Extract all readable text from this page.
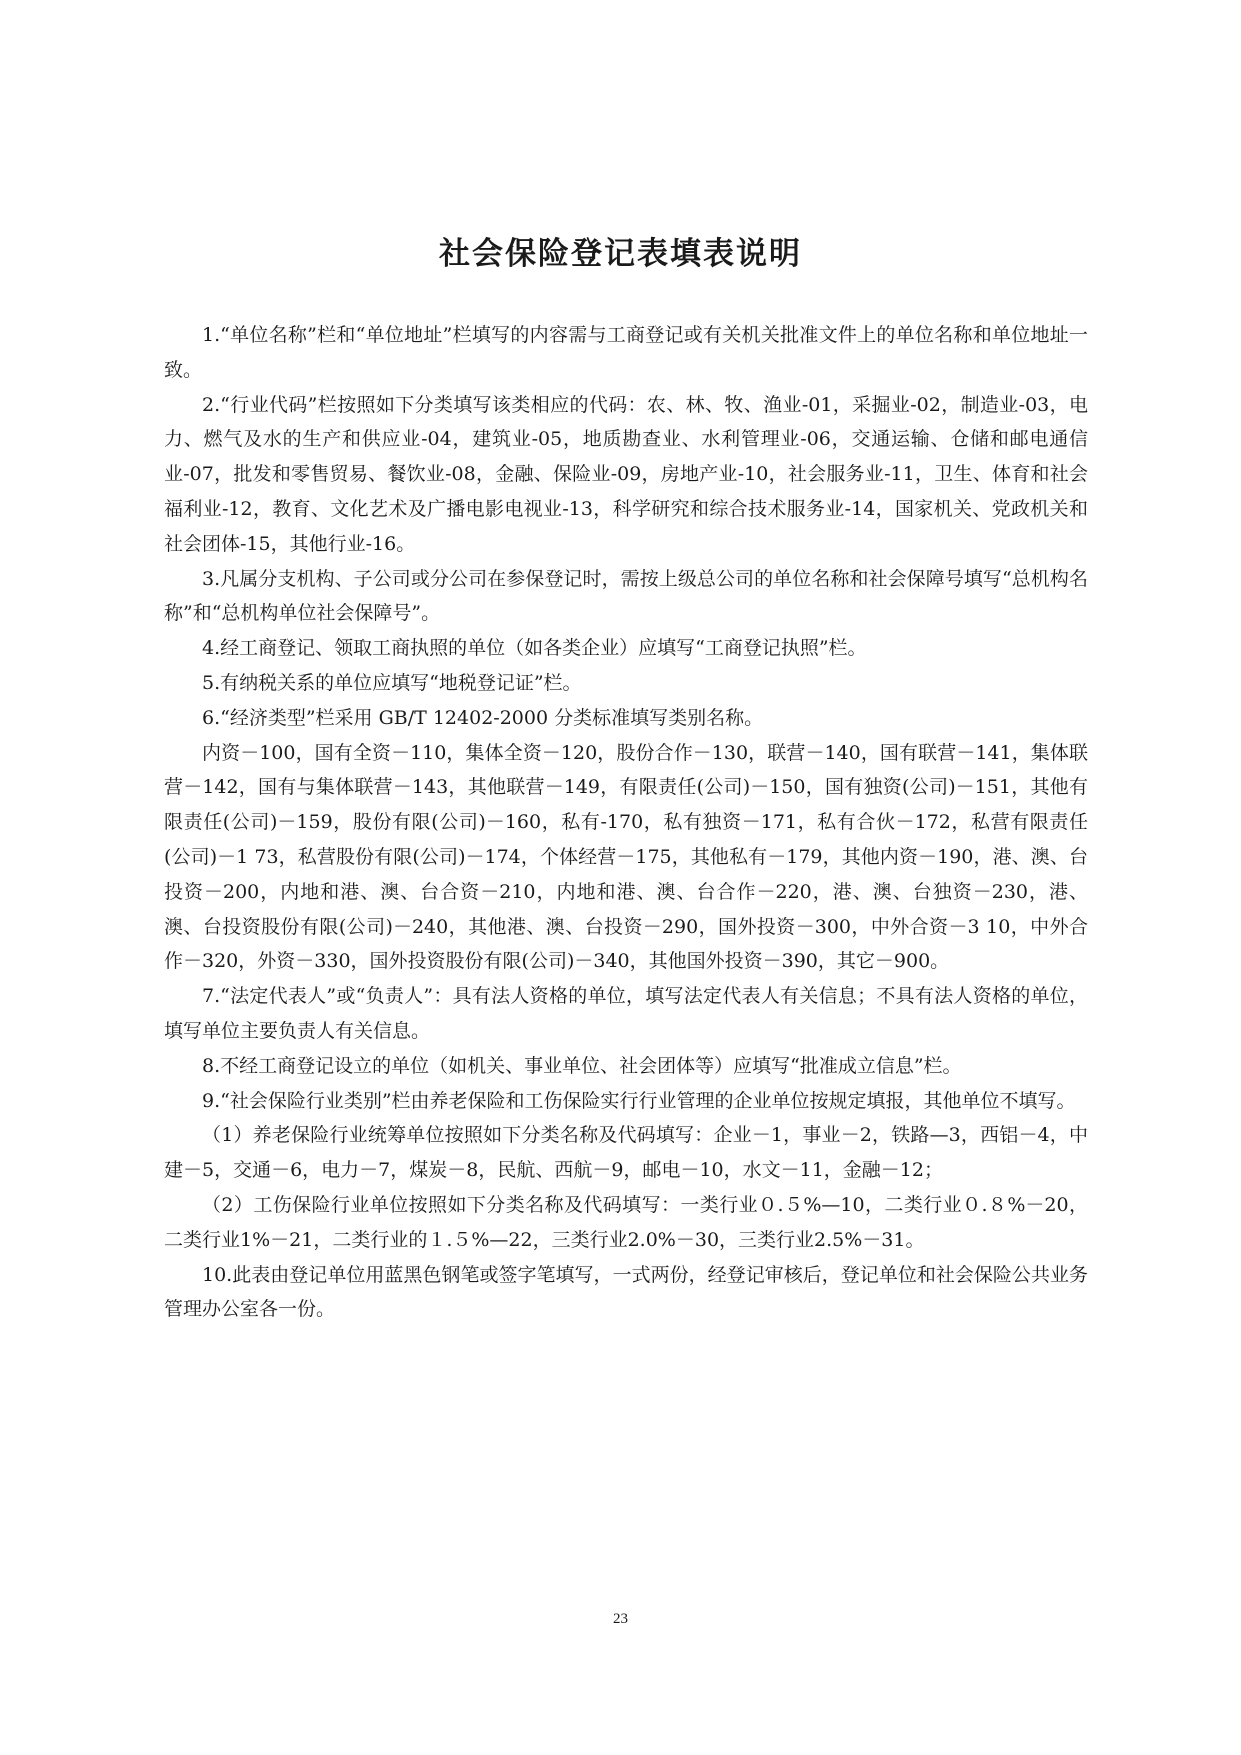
社会保险登记表填表说明

1.“单位名称”栏和“单位地址”栏填写的内容需与工商登记或有关机关批准文件上的单位名称和单位地址一致。

2.“行业代码”栏按照如下分类填写该类相应的代码：农、林、牧、渔业-01，采掘业-02，制造业-03，电力、燃气及水的生产和供应业-04，建筑业-05，地质勘查业、水利管理业-06，交通运输、仓储和邮电通信业-07，批发和零售贸易、餐饮业-08，金融、保险业-09，房地产业-10，社会服务业-11，卫生、体育和社会福利业-12，教育、文化艺术及广播电影电视业-13，科学研究和综合技术服务业-14，国家机关、党政机关和社会团体-15，其他行业-16。

3.凡属分支机构、子公司或分公司在参保登记时，需按上级总公司的单位名称和社会保障号填写“总机构名称”和“总机构单位社会保障号”。

4.经工商登记、领取工商执照的单位（如各类企业）应填写“工商登记执照”栏。

5.有纳税关系的单位应填写“地税登记证”栏。

6.“经济类型”栏采用 GB/T 12402-2000 分类标准填写类别名称。

内资－100，国有全资－110，集体全资－120，股份合作－130，联营－140，国有联营－141，集体联营－142，国有与集体联营－143，其他联营－149，有限责任(公司)－150，国有独资(公司)－151，其他有限责任(公司)－159，股份有限(公司)－160，私有-170，私有独资－171，私有合伙－172，私营有限责任(公司)－1 73，私营股份有限(公司)－174，个体经营－175，其他私有－179，其他内资－190，港、澳、台投资－200，内地和港、澳、台合资－210，内地和港、澳、台合作－220，港、澳、台独资－230，港、澳、台投资股份有限(公司)－240，其他港、澳、台投资－290，国外投资－300，中外合资－3 10，中外合作－320，外资－330，国外投资股份有限(公司)－340，其他国外投资－390，其它－900。

7.“法定代表人”或“负责人”：具有法人资格的单位，填写法定代表人有关信息；不具有法人资格的单位，填写单位主要负责人有关信息。

8.不经工商登记设立的单位（如机关、事业单位、社会团体等）应填写“批准成立信息”栏。

9.“社会保险行业类别”栏由养老保险和工伤保险实行行业管理的企业单位按规定填报，其他单位不填写。

（1）养老保险行业统筹单位按照如下分类名称及代码填写：企业－1，事业－2，铁路—3，西铝－4，中建－5，交通－6，电力－7，煤炭－8，民航、西航－9，邮电－10，水文－11，金融－12；

（2）工伤保险行业单位按照如下分类名称及代码填写：一类行业０.５%—10，二类行业０.８%－20，二类行业1%－21，二类行业的１.５%—22，三类行业2.0%－30，三类行业2.5%－31。

10.此表由登记单位用蓝黑色钢笔或签字笔填写，一式两份，经登记审核后，登记单位和社会保险公共业务管理办公室各一份。

23
